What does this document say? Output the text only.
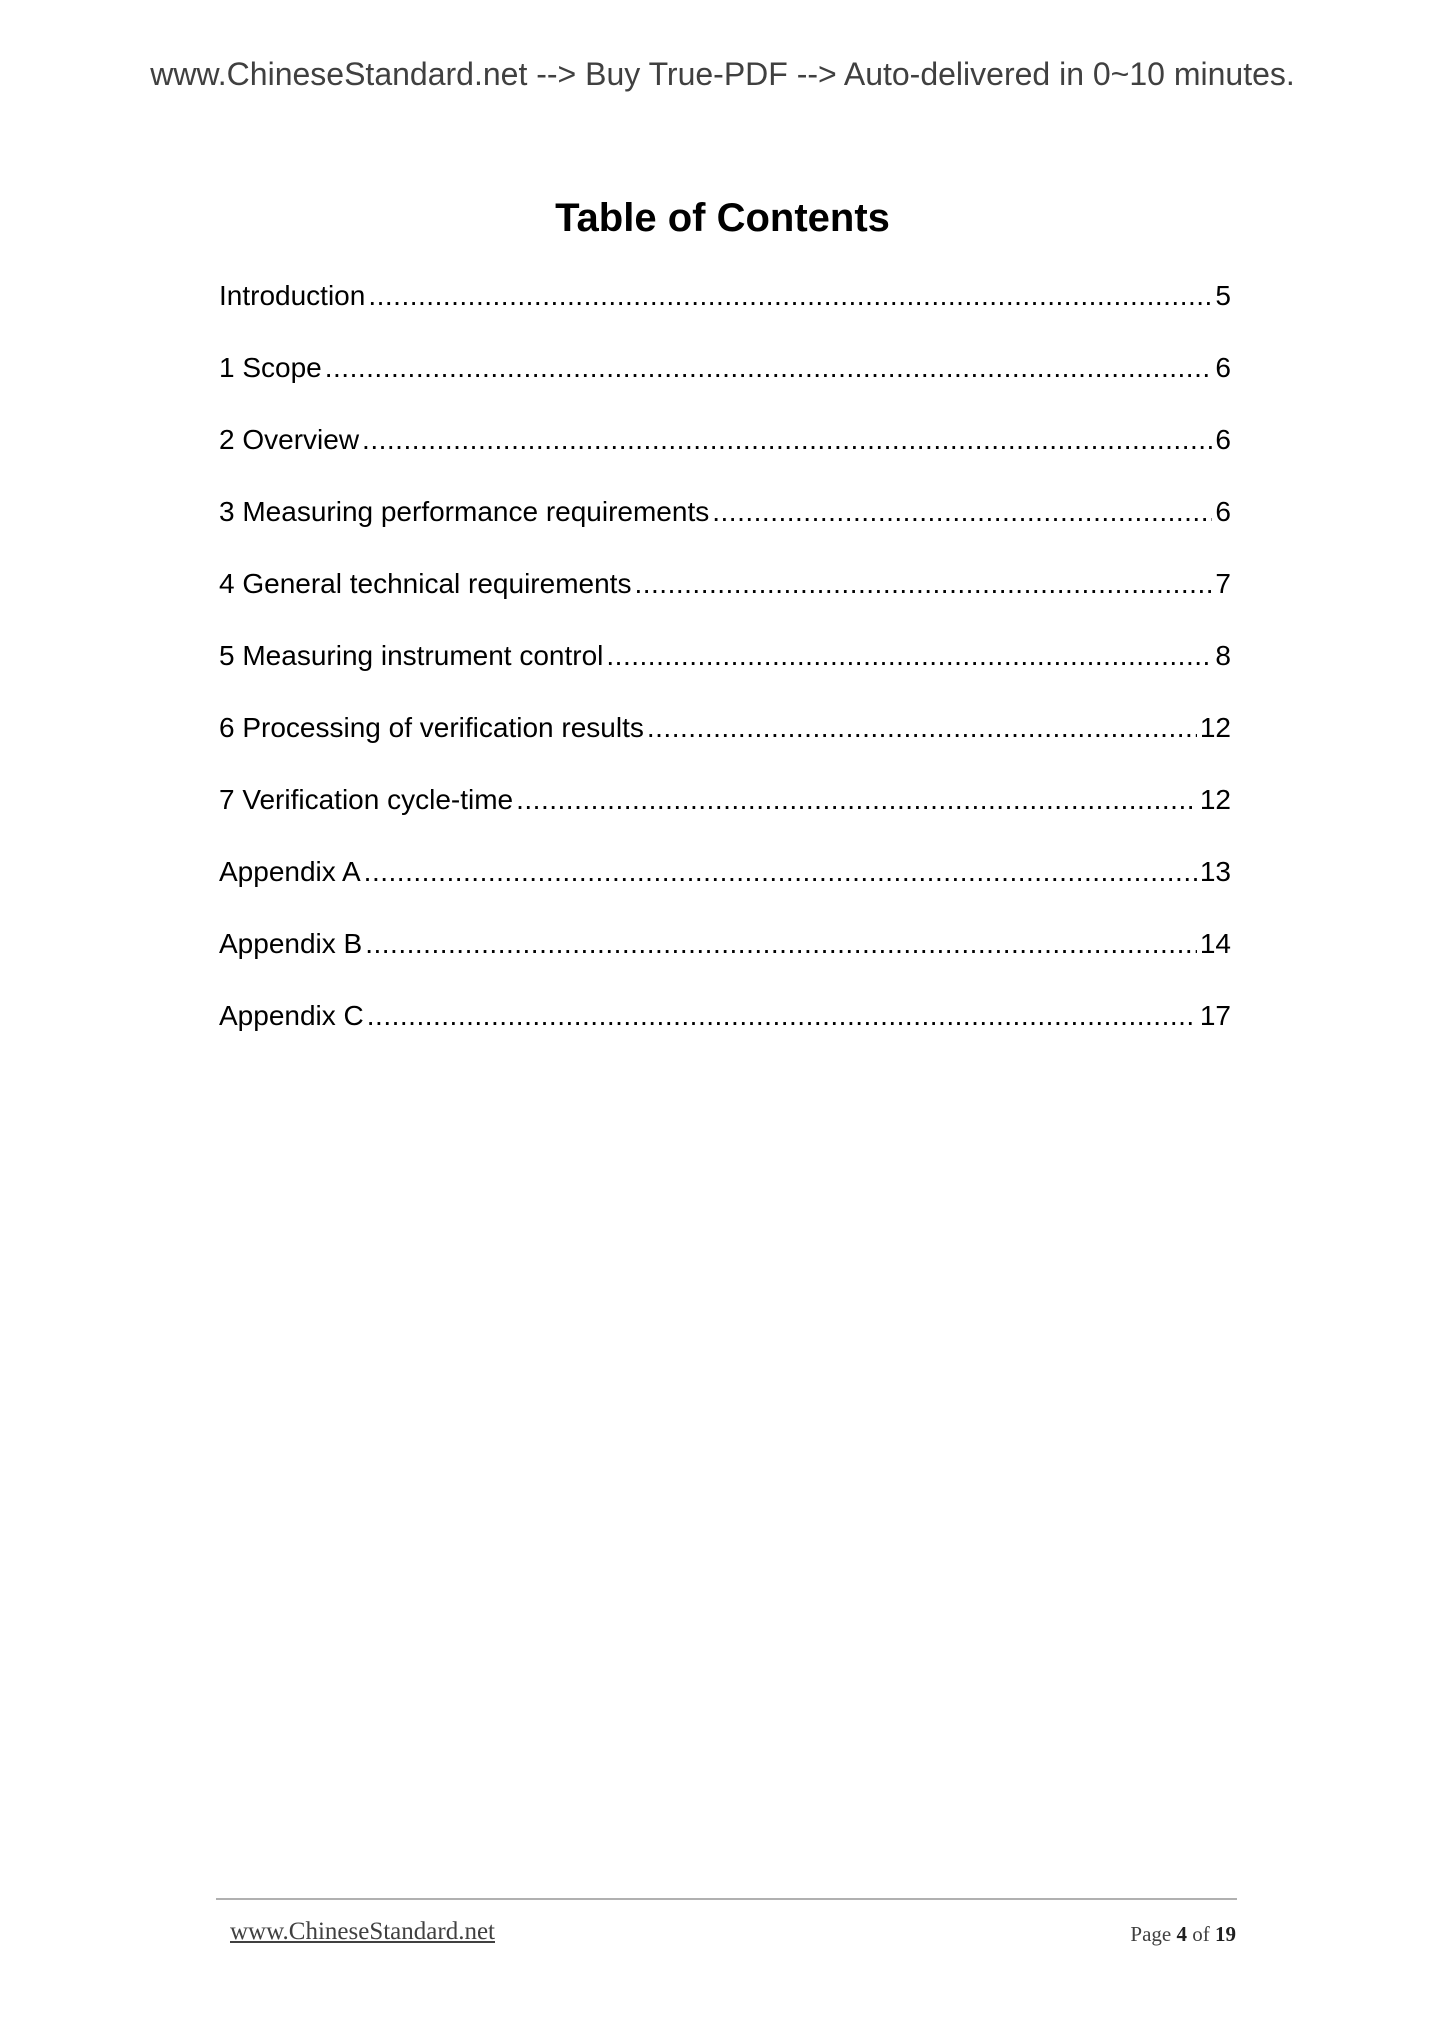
www.ChineseStandard.net --> Buy True-PDF --> Auto-delivered in 0~10 minutes.
Table of Contents
Introduction .....	5
1 Scope .....	6
2 Overview .....	6
3 Measuring performance requirements .....	6
4 General technical requirements .....	7
5 Measuring instrument control .....	8
6 Processing of verification results .....	12
7 Verification cycle-time .....	12
Appendix A .....	13
Appendix B .....	14
Appendix C .....	17
www.ChineseStandard.net	Page 4 of 19
